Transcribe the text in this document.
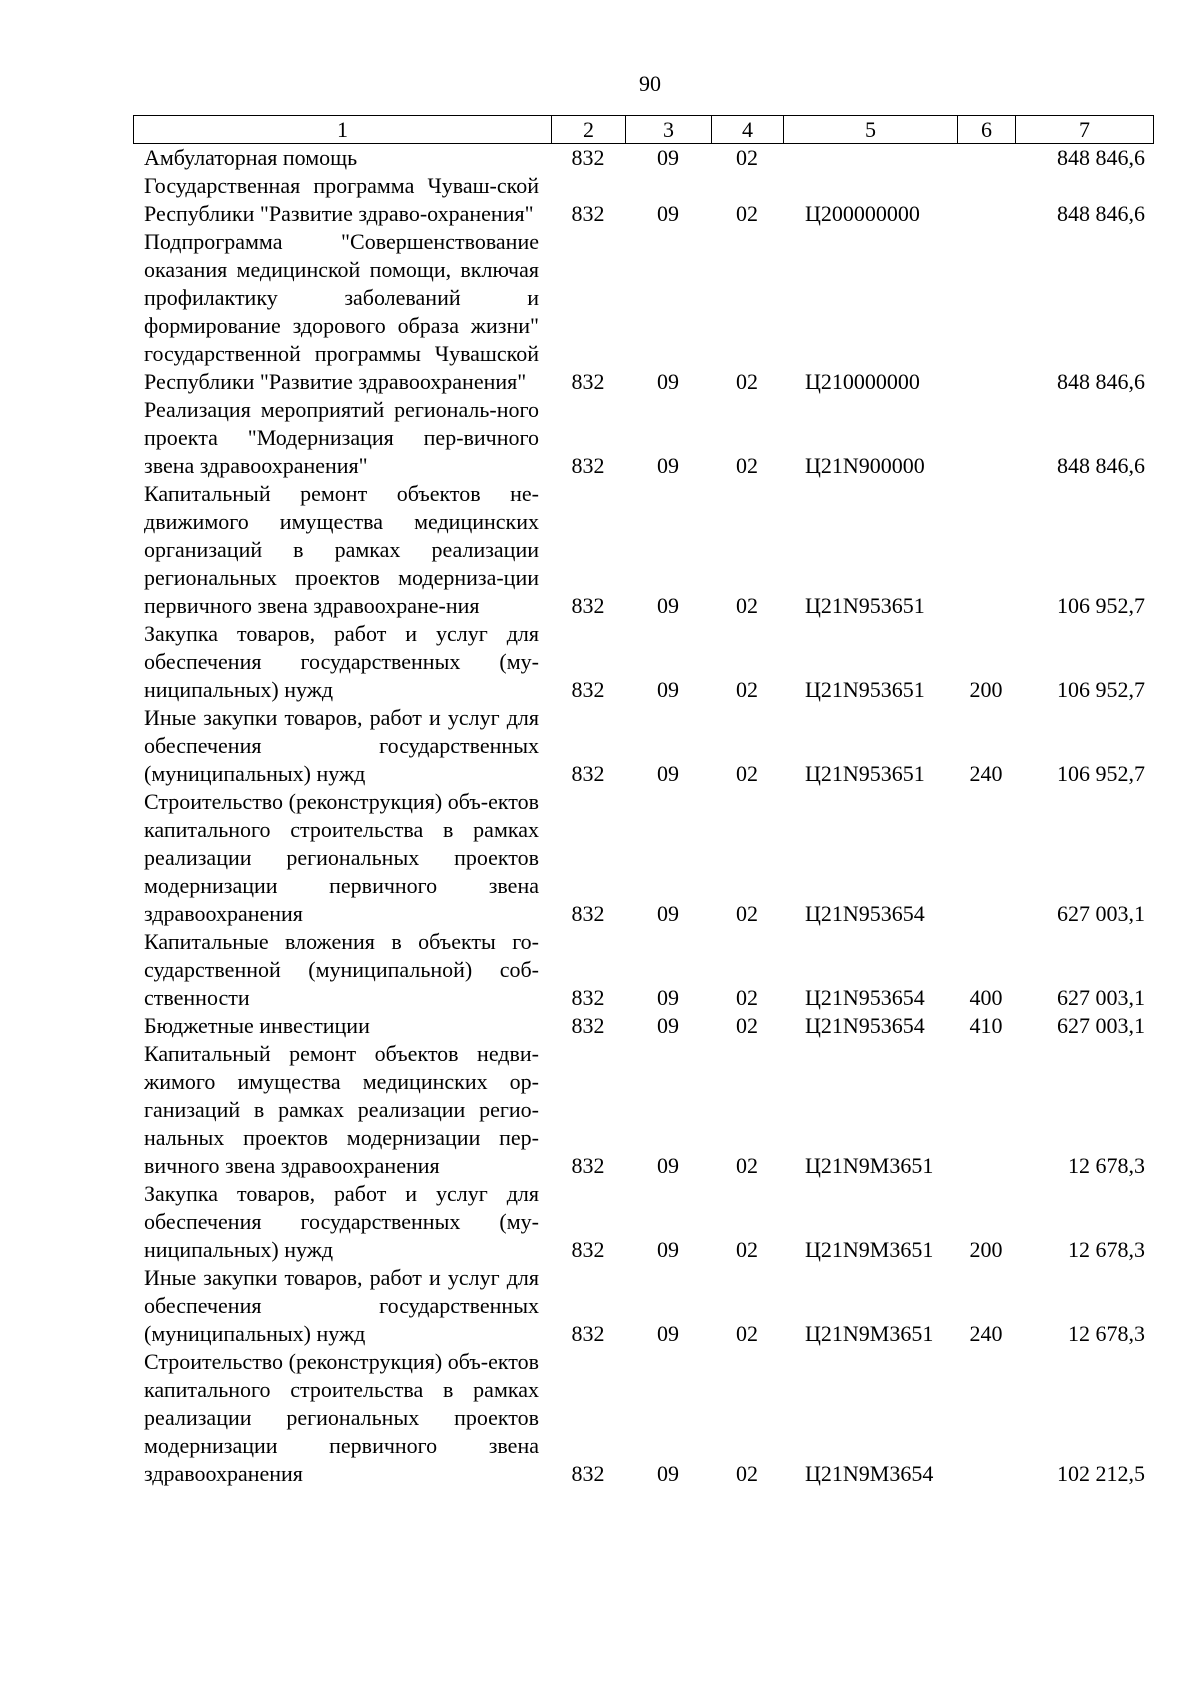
90
1	2	3	4	5	6	7
Амбулаторная помощь	832	09	02			848 846,6
Государственная программа Чуваш-ской Республики "Развитие здраво-охранения"	832	09	02	Ц200000000		848 846,6
Подпрограмма "Совершенствование оказания медицинской помощи, включая профилактику заболеваний и формирование здорового образа жизни" государственной программы Чувашской Республики "Развитие здравоохранения"	832	09	02	Ц210000000		848 846,6
Реализация мероприятий региональ-ного проекта "Модернизация пер-вичного звена здравоохранения"	832	09	02	Ц21N900000		848 846,6
Капитальный ремонт объектов не-движимого имущества медицинских организаций в рамках реализации региональных проектов модерниза-ции первичного звена здравоохране-ния	832	09	02	Ц21N953651		106 952,7
Закупка товаров, работ и услуг для обеспечения государственных (му-ниципальных) нужд	832	09	02	Ц21N953651	200	106 952,7
Иные закупки товаров, работ и услуг для обеспечения государственных (муниципальных) нужд	832	09	02	Ц21N953651	240	106 952,7
Строительство (реконструкция) объ-ектов капитального строительства в рамках реализации региональных проектов модернизации первичного звена здравоохранения	832	09	02	Ц21N953654		627 003,1
Капитальные вложения в объекты го-сударственной (муниципальной) соб-ственности	832	09	02	Ц21N953654	400	627 003,1
Бюджетные инвестиции	832	09	02	Ц21N953654	410	627 003,1
Капитальный ремонт объектов недви-жимого имущества медицинских ор-ганизаций в рамках реализации регио-нальных проектов модернизации пер-вичного звена здравоохранения	832	09	02	Ц21N9M3651		12 678,3
Закупка товаров, работ и услуг для обеспечения государственных (му-ниципальных) нужд	832	09	02	Ц21N9M3651	200	12 678,3
Иные закупки товаров, работ и услуг для обеспечения государственных (муниципальных) нужд	832	09	02	Ц21N9M3651	240	12 678,3
Строительство (реконструкция) объ-ектов капитального строительства в рамках реализации региональных проектов модернизации первичного звена здравоохранения	832	09	02	Ц21N9M3654		102 212,5
